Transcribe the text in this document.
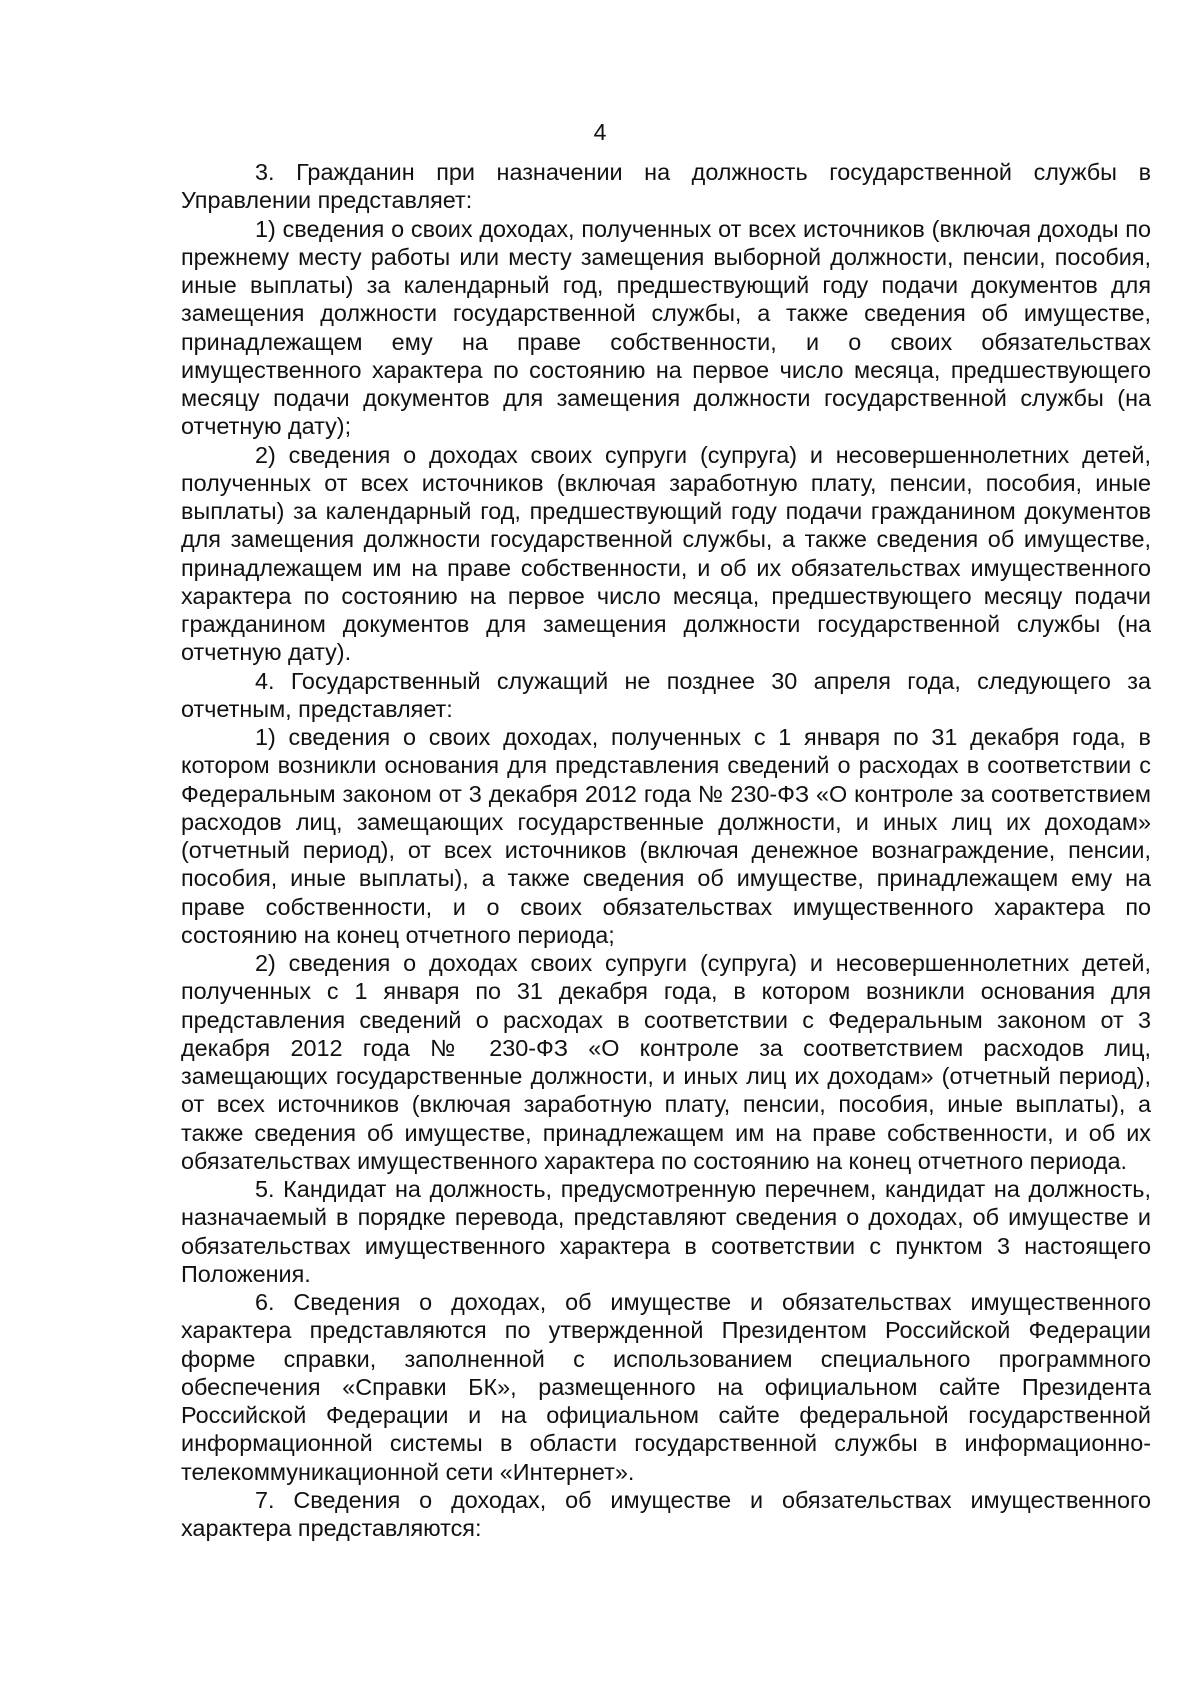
4

3. Гражданин при назначении на должность государственной службы в Управлении представляет:

1) сведения о своих доходах, полученных от всех источников (включая доходы по прежнему месту работы или месту замещения выборной должности, пенсии, пособия, иные выплаты) за календарный год, предшествующий году подачи документов для замещения должности государственной службы, а также сведения об имуществе, принадлежащем ему на праве собственности, и о своих обязательствах имущественного характера по состоянию на первое число месяца, предшествующего месяцу подачи документов для замещения должности государственной службы (на отчетную дату);

2) сведения о доходах своих супруги (супруга) и несовершеннолетних детей, полученных от всех источников (включая заработную плату, пенсии, пособия, иные выплаты) за календарный год, предшествующий году подачи гражданином документов для замещения должности государственной службы, а также сведения об имуществе, принадлежащем им на праве собственности, и об их обязательствах имущественного характера по состоянию на первое число месяца, предшествующего месяцу подачи гражданином документов для замещения должности государственной службы (на отчетную дату).

4. Государственный служащий не позднее 30 апреля года, следующего за отчетным, представляет:

1) сведения о своих доходах, полученных с 1 января по 31 декабря года, в котором возникли основания для представления сведений о расходах в соответствии с Федеральным законом от 3 декабря 2012 года № 230-ФЗ «О контроле за соответствием расходов лиц, замещающих государственные должности, и иных лиц их доходам» (отчетный период), от всех источников (включая денежное вознаграждение, пенсии, пособия, иные выплаты), а также сведения об имуществе, принадлежащем ему на праве собственности, и о своих обязательствах имущественного характера по состоянию на конец отчетного периода;

2) сведения о доходах своих супруги (супруга) и несовершеннолетних детей, полученных с 1 января по 31 декабря года, в котором возникли основания для представления сведений о расходах в соответствии с Федеральным законом от 3 декабря 2012 года № 230-ФЗ «О контроле за соответствием расходов лиц, замещающих государственные должности, и иных лиц их доходам» (отчетный период), от всех источников (включая заработную плату, пенсии, пособия, иные выплаты), а также сведения об имуществе, принадлежащем им на праве собственности, и об их обязательствах имущественного характера по состоянию на конец отчетного периода.

5. Кандидат на должность, предусмотренную перечнем, кандидат на должность, назначаемый в порядке перевода, представляют сведения о доходах, об имуществе и обязательствах имущественного характера в соответствии с пунктом 3 настоящего Положения.

6. Сведения о доходах, об имуществе и обязательствах имущественного характера представляются по утвержденной Президентом Российской Федерации форме справки, заполненной с использованием специального программного обеспечения «Справки БК», размещенного на официальном сайте Президента Российской Федерации и на официальном сайте федеральной государственной информационной системы в области государственной службы в информационно-телекоммуникационной сети «Интернет».

7. Сведения о доходах, об имуществе и обязательствах имущественного характера представляются:
